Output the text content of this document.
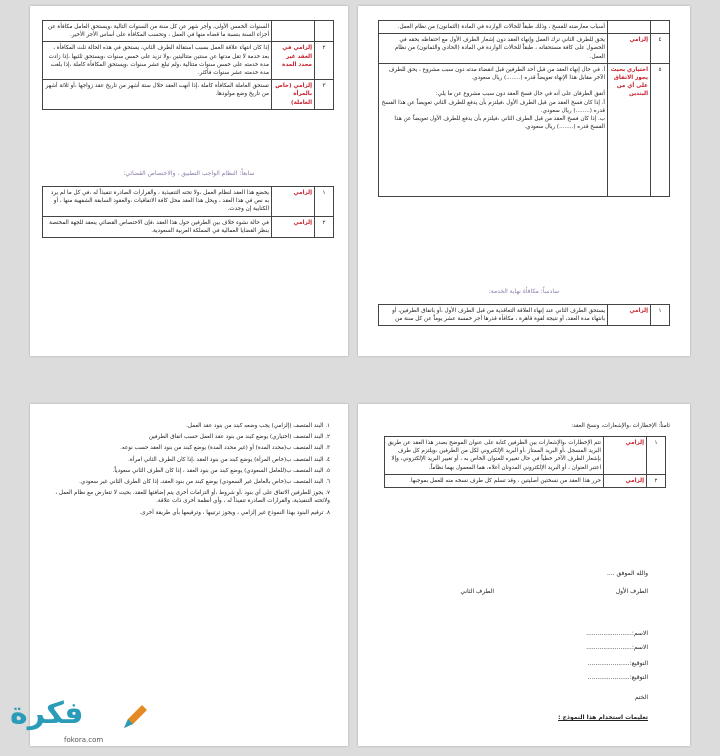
		أسباب معارضته للفسخ ، وذلك طبقاً للحالات الواردة في المادة (الثمانون) من نظام العمل.
٤	إلزامي	يحق للطرف الثاني ترك العمل وإنهاء العقد دون إشعار الطرف الأول مع احتفاظه بحقه في الحصول على كافة مستحقاته ، طبقاً للحالات الواردة في المادة (الحادي والثمانون) من نظام العمل.
٥	اختياري بحيث يجوز الاتفاق على أي من البندين	أ. في حال إنهاء العقد من قبل أحد الطرفين قبل انقضاء مدته دون سبب مشروع ، يحق للطرف الآخر مقابل هذا الإنهاء تعويضاً قدره (........) ريال سعودي.

أتفق الطرفان على أنه في حال فسخ العقد دون سبب مشروع عن ما يلي:
أ. إذا كان فسخ العقد من قبل الطرف الأول ،فيلتزم بأن يدفع للطرف الثاني تعويضاً عن هذا الفسخ قدره (........) ريال سعودي.
ب. إذا كان فسخ العقد من قبل الطرف الثاني ،فيلتزم بأن يدفع للطرف الأول تعويضاً عن هذا الفسخ قدره (........) ريال سعودي.
سادساً: مكافأة نهاية الخدمة:
١	إلزامي	يستحق الطرف الثاني عند إنهاء العلاقة التعاقدية من قبل الطرف الأول ،أو باتفاق الطرفين، أو بانتهاء مدة العقد، أو نتيجة لقوة قاهرة ، مكافأة قدرها أجر خمسة عشر يوماً عن كل سنة من
		السنوات الخمس الأولى، وأجر شهر عن كل سنة من السنوات التالية ،ويستحق العامل مكافأة عن أجزاء السنة بنسبة ما قضاه منها في العمل ، وتحسب المكافأة على أساس الأجر الأخير.
٢	إلزامي في العقد غير محدد المدة	إذا كان انتهاء علاقة العمل بسبب استقالة الطرف الثاني، يستحق في هذه الحالة ثلث المكافأة ، بعد خدمة لا تقل مدتها عن سنتين متتاليتين ،ولا تزيد على خمس سنوات ،ويستحق ثلثيها ،إذا زادت مدة خدمته على خمس سنوات متتالية ،ولم تبلغ عشر سنوات ،ويستحق المكافأة كاملة ،إذا بلغت مدة خدمته عشر سنوات فأكثر.
٣	إلزامي (خاص بالمرأة العاملة)	تستحق العاملة المكافأة كاملة ،إذا أنهت العقد خلال ستة أشهر من تاريخ عقد زواجها ،أو ثلاثة أشهر من تاريخ وضع مولودها.
سابعاً: النظام الواجب التطبيق ، والاختصاص القضائي:
١	إلزامي	يخضع هذا العقد لنظام العمل ،ولا تحته التنفيذية ، والقرارات الصادرة تنفيذاً له ،في كل ما لم يرد به نص في هذا العقد ، ويحل هذا العقد محل كافة الاتفاقيات ،والعقود السابقة الشفهية منها ، أو الكتابية إن وجدت.
٢	إلزامي	في حالة نشوء خلاف بين الطرفين حول هذا العقد ،فإن الاختصاص القضائي ينعقد للجهة المختصة بنظر القضايا العمالية في المملكة العربية السعودية.
ثامناً: الإخطارات ،والإشعارات، ونسخ العقد:
١	إلزامي	تتم الإخطارات ،والإشعارات بين الطرفين كتابة على عنوان الموضح بصدر هذا العقد عن طريق البريد المسجل ،أو البريد الممتاز ،أو البريد الإلكتروني لكل من الطرفين ،ويلتزم كل طرف بإشعار الطرف الآخر خطياً في حال تغييره للعنوان الخاص به ، أو تغيير البريد الإلكتروني، وإلا اعتبر العنوان ، أو البريد الإلكتروني المدونان أعلاه، هما المعمول بهما نظاماً.
٢	إلزامي	حرر هذا العقد من نسختين أصليتين ، وقد تسلم كل طرف نسخه منه للعمل بموجبها.
والله الموفق ....
الطرف الأول
الطرف الثاني
الاسم:........................
الاسم:........................
التوقيع:......................
التوقيع:......................
الختم
تعليمات استخدام هذا النموذج :
١. البند المتصف (إلزامي) يجب وضعه كبند من بنود عقد العمل.
٢. البند المتصف (اختياري) يوضع كبند من بنود عقد العمل حسب اتفاق الطرفين
٣. البند المتصف ب(محدد المدة) أو (غير محدد المدة) يوضع كبند من بنود العقد حسب نوعه.
٤. البند المتصف ب(خاص المرأة) يوضع كبند من بنود العقد ،إذا كان الطرف الثاني امرأة.
٥. البند المتصف ب(للعامل السعودي) يوضع كبند من بنود العقد ، إذا كان الطرف الثاني سعودياً.
٦. البند المتصف ب(خاص بالعامل غير السعودي) يوضع كبند من بنود العقد، إذا كان الطرف الثاني غير سعودي.
٧. يجوز للطرفين الاتفاق على أي بنود ،أو شروط ،أو التزامات أخرى يتم إضافتها للعقد، بحيث لا تتعارض مع نظام العمل ، ولائحته التنفيذية، والقرارات الصادرة تنفيذاً له ، وأي أنظمة أخرى ذات علاقة.
٨. ترقيم البنود بهذا النموذج غير إلزامي ، ويجوز ترتيبها ، وترقيمها بأي طريقة أخرى.
فكرة
fokora.com
